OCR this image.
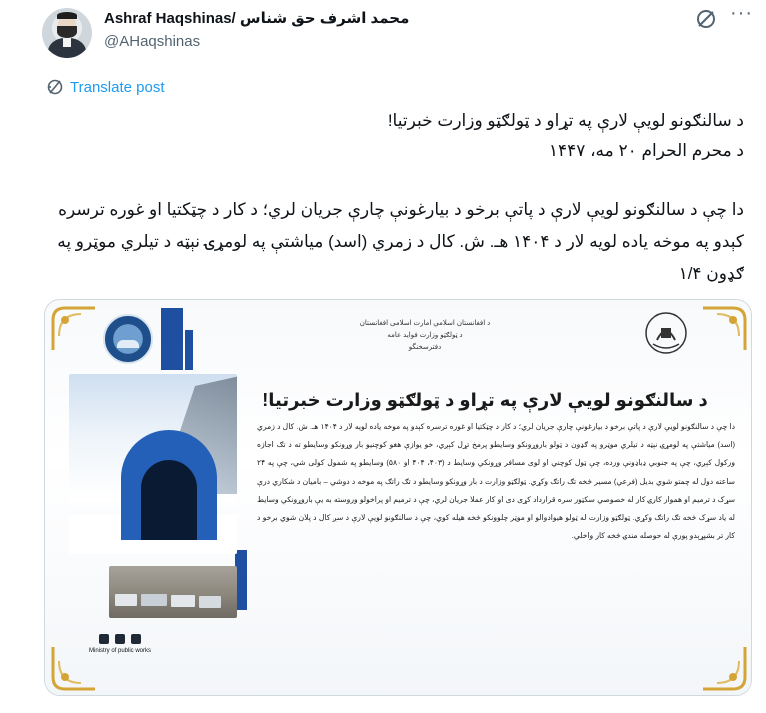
Ashraf Haqshinas/ محمد اشرف حق شناس
@AHaqshinas
···
Translate post
د سالنګونو لویې لارې په تړاو د ټولګټو وزارت خبرتیا!
د محرم الحرام ۲۰ مه، ۱۴۴۷
دا چې د سالنګونو لویې لارې د پاتې برخو د بیارغونې چارې جریان لري؛ د کار د چټکتیا او غوره ترسره کېدو په موخه یاده لویه لار د ۱۴۰۴ هـ. ش. کال د زمري (اسد) میاشتې په لومړۍ نېټه د تیلري موټرو په ګډون ۱/۴
د افغانستان اسلامي امارت اسلامی افغانستان
د ټولګټو وزارت فواید عامه
دفترسخنگو
د سالنګونو لویې لارې په تړاو د ټولګټو وزارت خبرتیا!
Ministry of public works
دا چې د سالنګونو لویې لارې د پاتې برخو د بیارغونې چارې جریان لري؛ د کار د چټکتیا او غوره ترسره کېدو په موخه یاده لویه لار د ۱۴۰۴ هـ. ش. کال د زمري (اسد) میاشتې په لومړۍ نېټه د تیلري موټرو په ګډون د ټولو باروړونکو وسایطو پرمخ تړل کېږي، خو یوازې هغو کوچنیو بار وړونکو وسایطو ته د تګ اجازه ورکول کېږي، چې په جنوبي ډیاډونې ورده، چې ټول کوچني او لوی مسافر وړونکي وسایط د (۴۰۳، ۴۰۴ او ۵۸۰) وسایطو په شمول کولی شي، چې په ۲۴ ساعته دول له چمتو شوي بدیل (فرعي) مسیر څخه تګ راتګ وکړي. ټولګټو وزارت د بار وړونکو وسایطو د تګ راتګ په موخه د دوشي – بامیان د شکاري درې سړک د ترمیم او هموار کارۍ کار له خصوصي سکټور سره قرارداد کړی دی او کار عملا جریان لري، چې د ترمیم او پراخولو وروسته به یې باروړونکي وسایط له یاد سړک څخه تګ راتګ وکړي. ټولګټو وزارت له ټولو هیوادوالو او موټر چلوونکو څخه هیله کوي، چې د سالنګونو لویې لارې د سږ کال د پلان شوي برخو د کار تر بشپړېدو پورې له حوصله مندۍ څخه کار واخلي.
